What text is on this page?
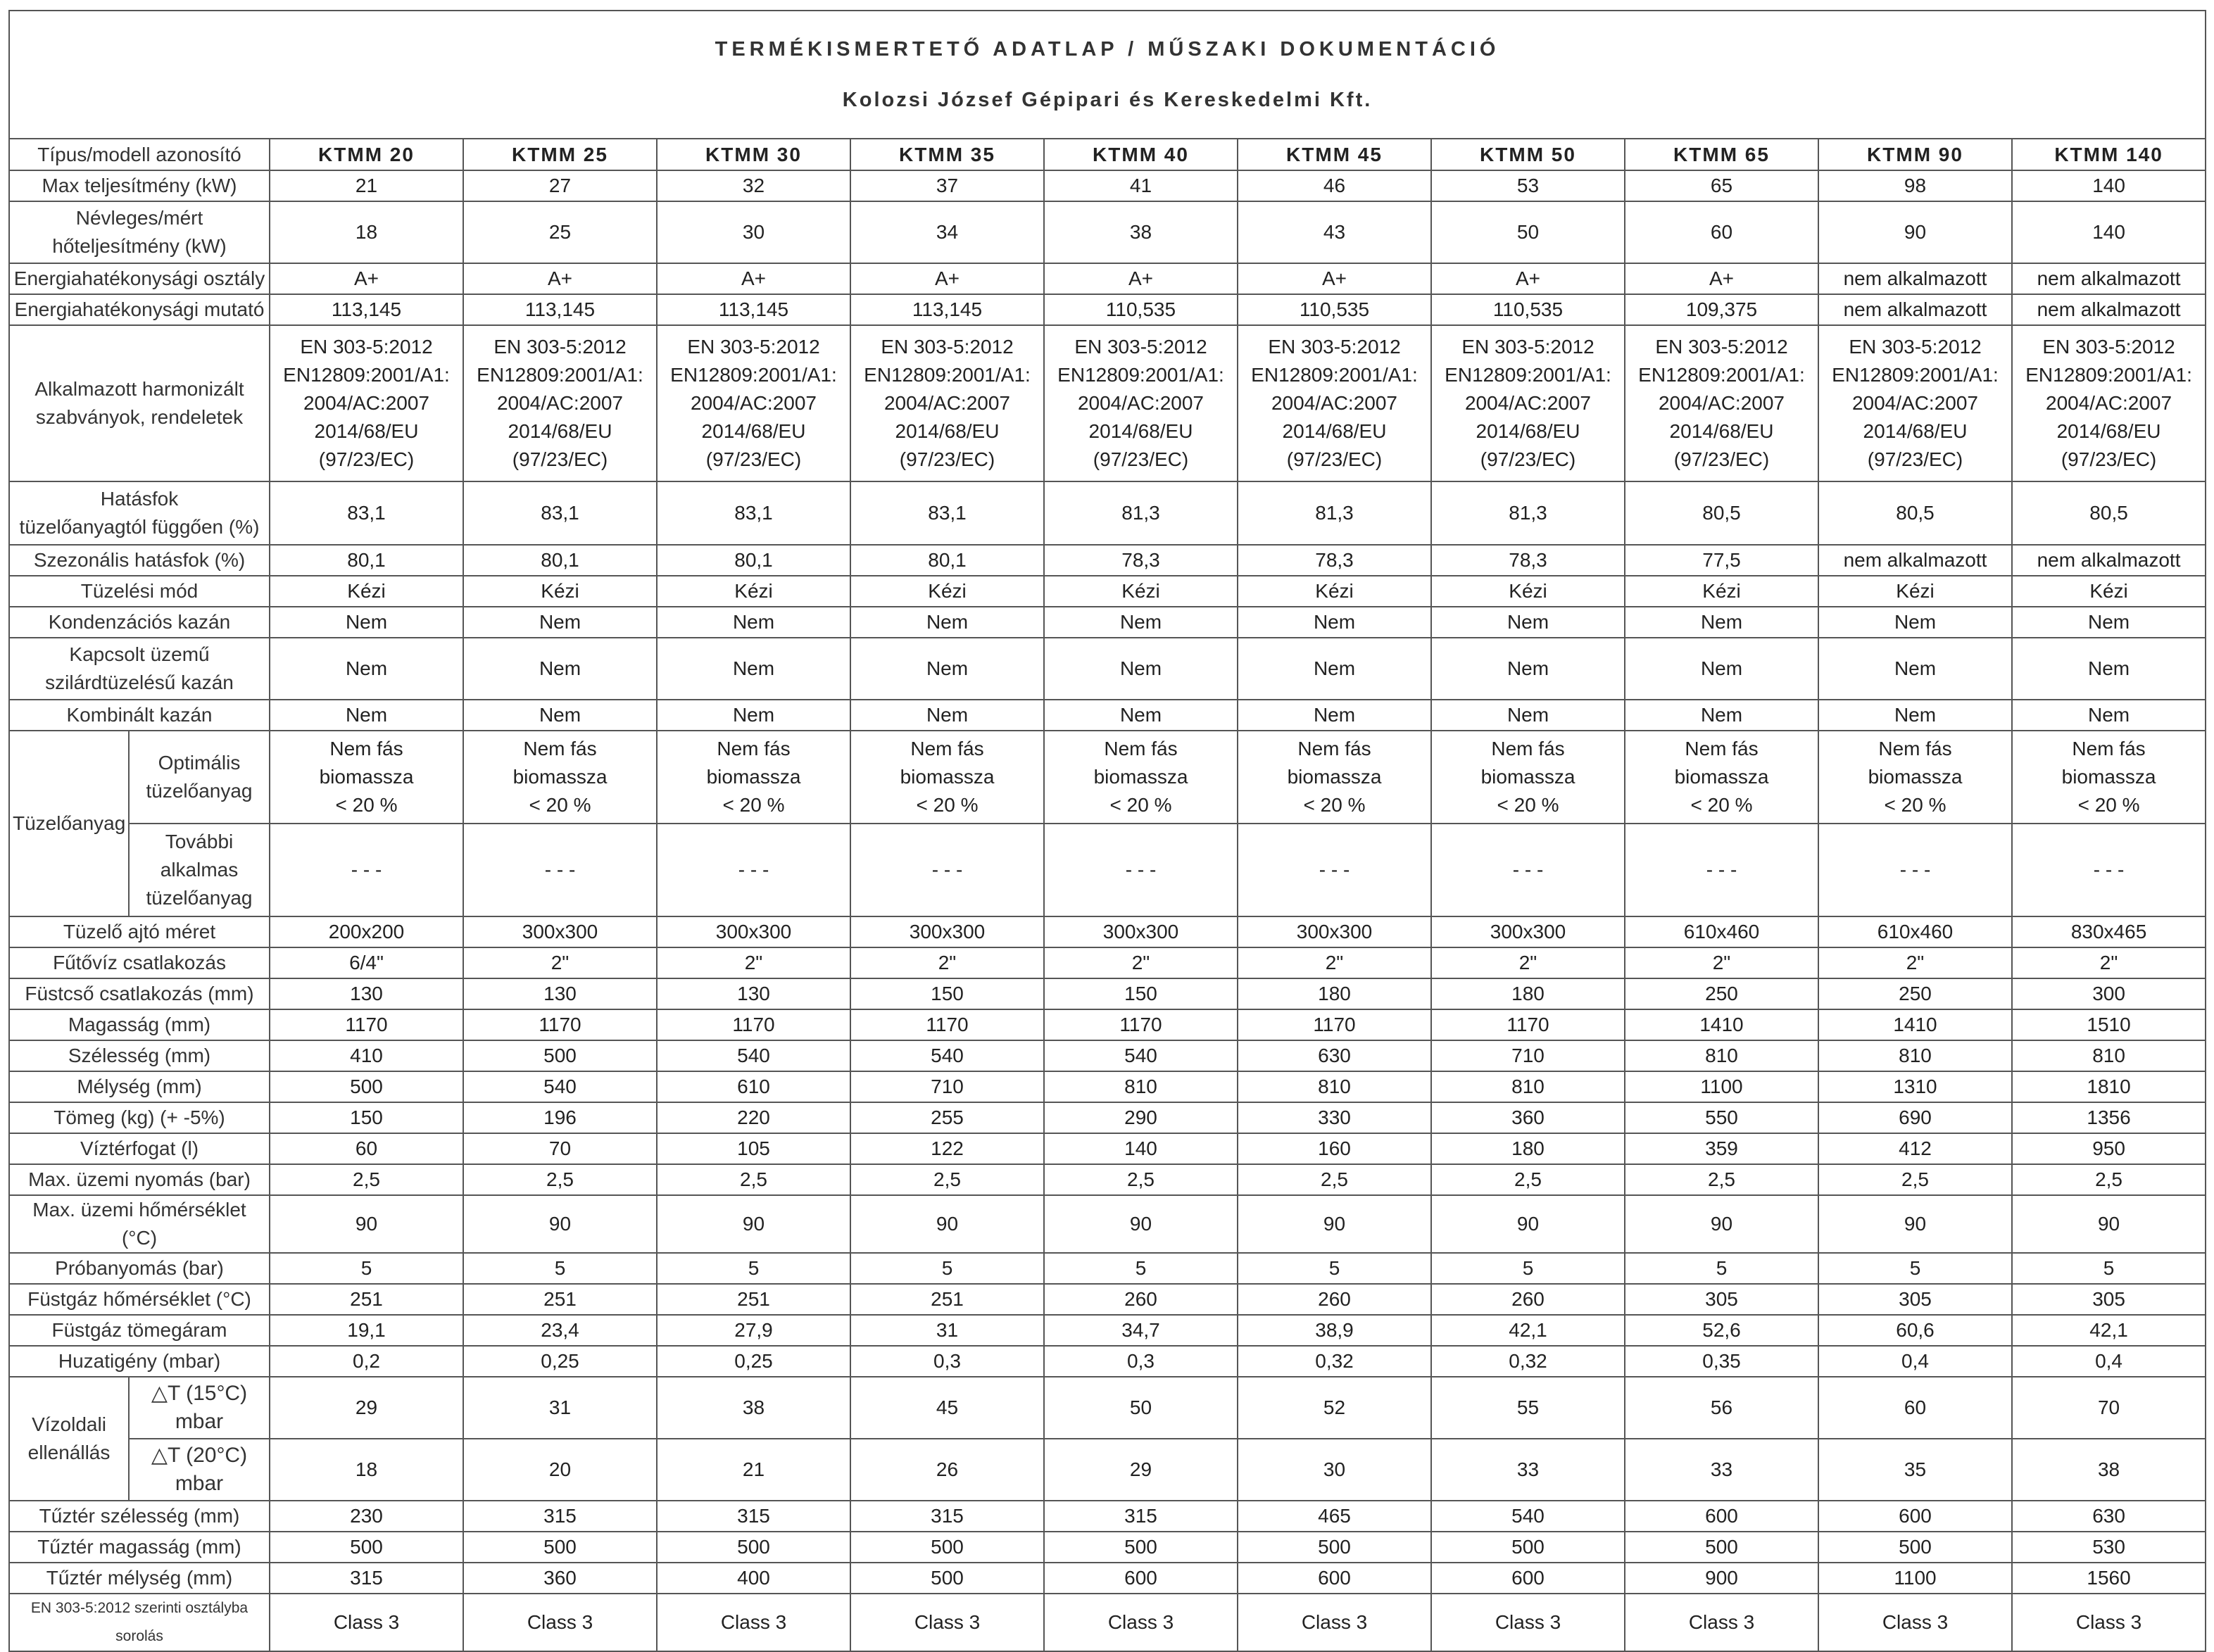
TERMÉKISMERTETŐ ADATLAP / MŰSZAKI DOKUMENTÁCIÓ

Kolozsi József Gépipari és Kereskedelmi Kft.											

Típus/modell azonosító		KTMM 20	KTMM 25	KTMM 30	KTMM 35	KTMM 40	KTMM 45	KTMM 50	KTMM 65	KTMM 90	KTMM 140
Max teljesítmény (kW)		21	27	32	37	41	46	53	65	98	140
Névleges/mért
hőteljesítmény (kW)		18	25	30	34	38	43	50	60	90	140
Energiahatékonysági osztály		A+	A+	A+	A+	A+	A+	A+	A+	nem alkalmazott	nem alkalmazott
Energiahatékonysági mutató		113,145	113,145	113,145	113,145	110,535	110,535	110,535	109,375	nem alkalmazott	nem alkalmazott
Alkalmazott harmonizált
szabványok, rendeletek		EN 303-5:2012
EN12809:2001/A1:
2004/AC:2007
2014/68/EU
(97/23/EC)	EN 303-5:2012
EN12809:2001/A1:
2004/AC:2007
2014/68/EU
(97/23/EC)	EN 303-5:2012
EN12809:2001/A1:
2004/AC:2007
2014/68/EU
(97/23/EC)	EN 303-5:2012
EN12809:2001/A1:
2004/AC:2007
2014/68/EU
(97/23/EC)	EN 303-5:2012
EN12809:2001/A1:
2004/AC:2007
2014/68/EU
(97/23/EC)	EN 303-5:2012
EN12809:2001/A1:
2004/AC:2007
2014/68/EU
(97/23/EC)	EN 303-5:2012
EN12809:2001/A1:
2004/AC:2007
2014/68/EU
(97/23/EC)	EN 303-5:2012
EN12809:2001/A1:
2004/AC:2007
2014/68/EU
(97/23/EC)	EN 303-5:2012
EN12809:2001/A1:
2004/AC:2007
2014/68/EU
(97/23/EC)	EN 303-5:2012
EN12809:2001/A1:
2004/AC:2007
2014/68/EU
(97/23/EC)
Hatásfok
tüzelőanyagtól függően (%)		83,1	83,1	83,1	83,1	81,3	81,3	81,3	80,5	80,5	80,5
Szezonális hatásfok (%)		80,1	80,1	80,1	80,1	78,3	78,3	78,3	77,5	nem alkalmazott	nem alkalmazott
Tüzelési mód		Kézi	Kézi	Kézi	Kézi	Kézi	Kézi	Kézi	Kézi	Kézi	Kézi
Kondenzációs kazán		Nem	Nem	Nem	Nem	Nem	Nem	Nem	Nem	Nem	Nem
Kapcsolt üzemű
szilárdtüzelésű kazán		Nem	Nem	Nem	Nem	Nem	Nem	Nem	Nem	Nem	Nem
Kombinált kazán		Nem	Nem	Nem	Nem	Nem	Nem	Nem	Nem	Nem	Nem
Tüzelőanyag	Optimális
tüzelőanyag	Nem fás
biomassza
< 20 %	Nem fás
biomassza
< 20 %	Nem fás
biomassza
< 20 %	Nem fás
biomassza
< 20 %	Nem fás
biomassza
< 20 %	Nem fás
biomassza
< 20 %	Nem fás
biomassza
< 20 %	Nem fás
biomassza
< 20 %	Nem fás
biomassza
< 20 %	Nem fás
biomassza
< 20 %
	További
alkalmas
tüzelőanyag	- - -	- - -	- - -	- - -	- - -	- - -	- - -	- - -	- - -	- - -
Tüzelő ajtó méret		200x200	300x300	300x300	300x300	300x300	300x300	300x300	610x460	610x460	830x465
Fűtővíz csatlakozás		6/4"	2"	2"	2"	2"	2"	2"	2"	2"	2"
Füstcső csatlakozás (mm)		130	130	130	150	150	180	180	250	250	300
Magasság (mm)		1170	1170	1170	1170	1170	1170	1170	1410	1410	1510
Szélesség (mm)		410	500	540	540	540	630	710	810	810	810
Mélység (mm)		500	540	610	710	810	810	810	1100	1310	1810
Tömeg (kg) (+ -5%)		150	196	220	255	290	330	360	550	690	1356
Víztérfogat (l)		60	70	105	122	140	160	180	359	412	950
Max. üzemi nyomás (bar)		2,5	2,5	2,5	2,5	2,5	2,5	2,5	2,5	2,5	2,5
Max. üzemi hőmérséklet (°C)		90	90	90	90	90	90	90	90	90	90
Próbanyomás (bar)		5	5	5	5	5	5	5	5	5	5
Füstgáz hőmérséklet (°C)		251	251	251	251	260	260	260	305	305	305
Füstgáz tömegáram		19,1	23,4	27,9	31	34,7	38,9	42,1	52,6	60,6	42,1
Huzatigény (mbar)		0,2	0,25	0,25	0,3	0,3	0,32	0,32	0,35	0,4	0,4
Vízoldali
ellenállás	△T (15°C)
mbar	29	31	38	45	50	52	55	56	60	70
	△T (20°C)
mbar	18	20	21	26	29	30	33	33	35	38
Tűztér szélesség (mm)		230	315	315	315	315	465	540	600	600	630
Tűztér magasság (mm)		500	500	500	500	500	500	500	500	500	530
Tűztér mélység (mm)		315	360	400	500	600	600	600	900	1100	1560
EN 303-5:2012 szerinti osztályba sorolás		Class 3	Class 3	Class 3	Class 3	Class 3	Class 3	Class 3	Class 3	Class 3	Class 3
